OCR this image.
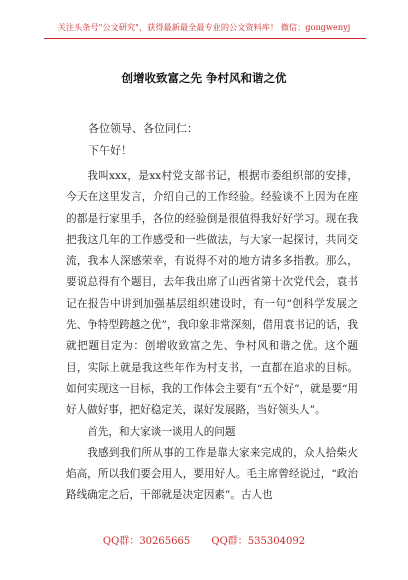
关注头条号"公文研究"，获得最新最全最专业的公文资料库！ 微信：gongwenyj
创增收致富之先 争村风和谐之优
各位领导、各位同仁：
下午好！

我叫xxx，是xx村党支部书记，根据市委组织部的安排，今天在这里发言，介绍自己的工作经验。经验谈不上因为在座的都是行家里手，各位的经验倒是很值得我好好学习。现在我把我这几年的工作感受和一些做法，与大家一起探讨，共同交流，我本人深感荣幸，有说得不对的地方请多多指教。那么，要说总得有个题目，去年我出席了山西省第十次党代会，袁书记在报告中讲到加强基层组织建设时，有一句“创科学发展之先、争特型跨越之优”，我印象非常深刻，借用袁书记的话，我就把题目定为：创增收致富之先、争村风和谐之优。这个题目，实际上就是我这些年作为村支书，一直都在追求的目标。如何实现这一目标，我的工作体会主要有“五个好”，就是要“用好人做好事，把好稳定关，谋好发展路，当好领头人”。

首先，和大家谈一谈用人的问题

我感到我们所从事的工作是靠大家来完成的，众人拾柴火焰高，所以我们要会用人，要用好人。毛主席曾经说过，“政治路线确定之后，干部就是决定因素”。古人也

QQ群：30265665 QQ群：535304092
